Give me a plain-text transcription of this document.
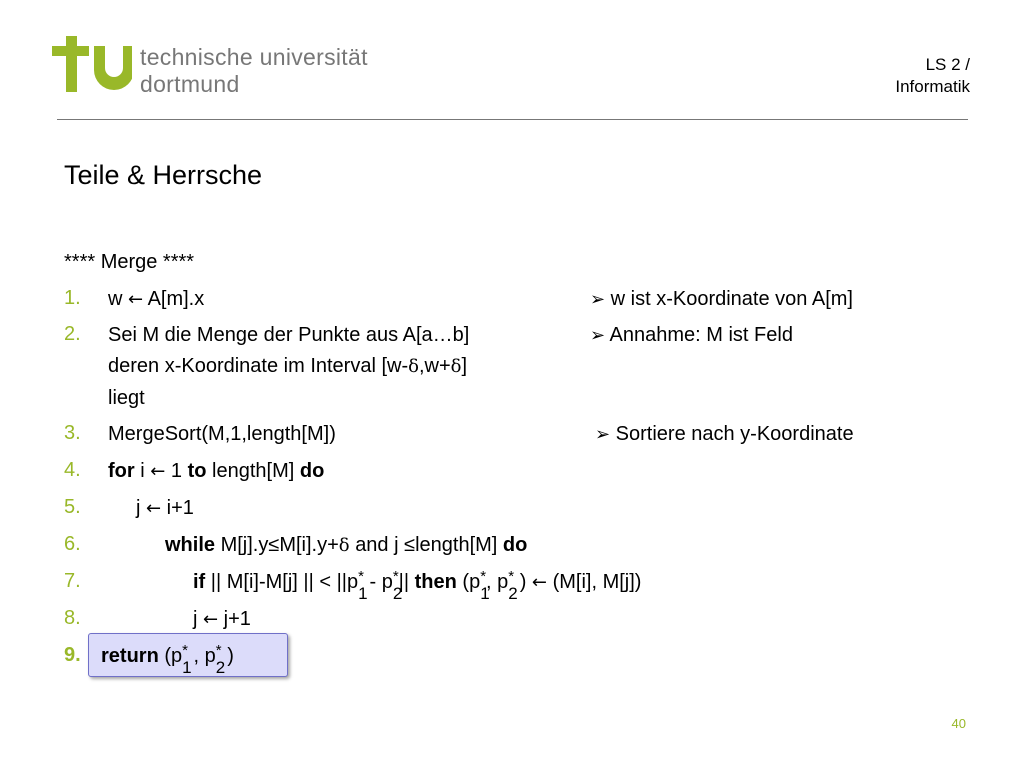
technische universität
dortmund
LS 2 /
Informatik
Teile & Herrsche
**** Merge ****
1.
2.
3.
4.
5.
6.
7.
8.
9.
w ← A[m].x
Sei M die Menge der Punkte aus A[a…b]
deren x-Koordinate im Interval [w-δ,w+δ]
liegt
MergeSort(M,1,length[M])
for i ← 1 to length[M] do
j ← i+1
while M[j].y≤M[i].y+δ and j ≤length[M] do
if || M[i]-M[j] || < ||p*
1
- p*
2
|| then (p*
1
, p*
2
) ← (M[i], M[j])
j ← j+1
return (p*
1
, p*
2
)
➢ w ist x-Koordinate von A[m]
➢ Annahme: M ist Feld
➢ Sortiere nach y-Koordinate
40
